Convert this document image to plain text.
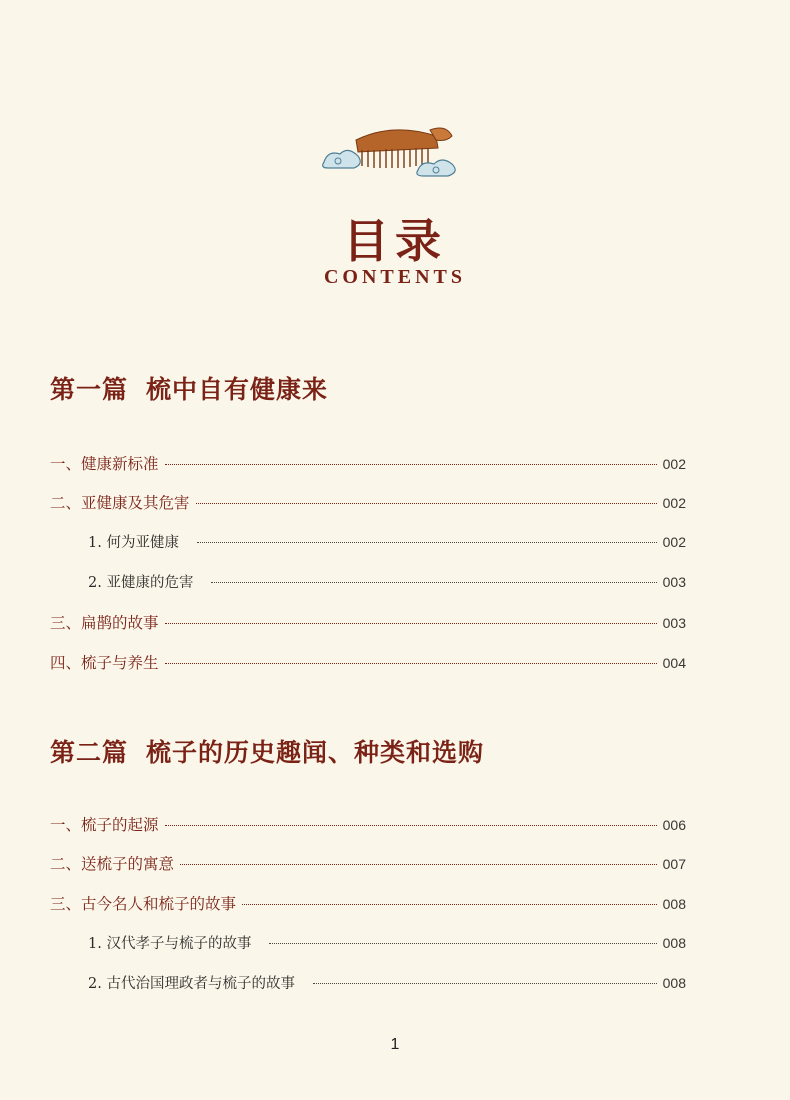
目录
CONTENTS
第一篇 梳中自有健康来
一、健康新标准	002
二、亚健康及其危害	002
1. 何为亚健康	002
2. 亚健康的危害	003
三、扁鹊的故事	003
四、梳子与养生	004
第二篇 梳子的历史趣闻、种类和选购
一、梳子的起源	006
二、送梳子的寓意	007
三、古今名人和梳子的故事	008
1. 汉代孝子与梳子的故事	008
2. 古代治国理政者与梳子的故事	008
1
